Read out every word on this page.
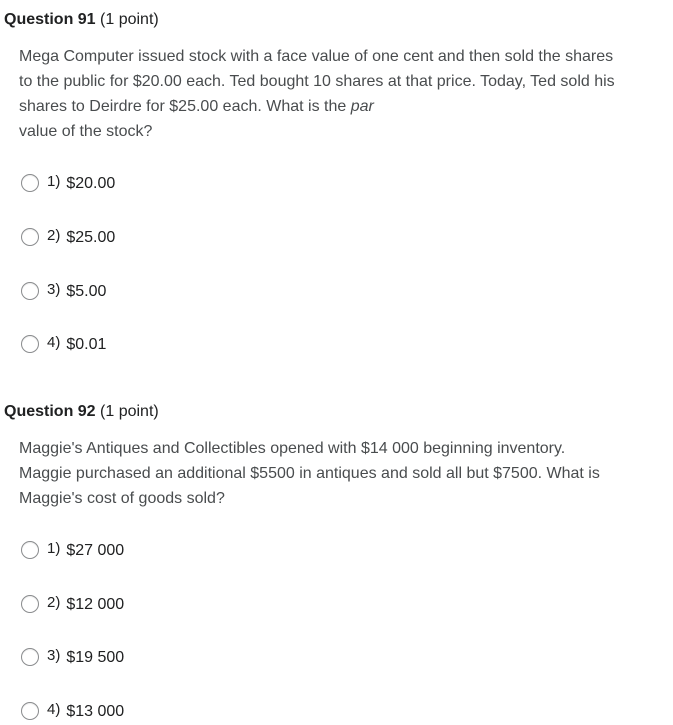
Question 91 (1 point)
Mega Computer issued stock with a face value of one cent and then sold the shares
to the public for $20.00 each. Ted bought 10 shares at that price. Today, Ted sold his
shares to Deirdre for $25.00 each. What is the par
value of the stock?
1) $20.00
2) $25.00
3) $5.00
4) $0.01
Question 92 (1 point)
Maggie's Antiques and Collectibles opened with $14 000 beginning inventory.
Maggie purchased an additional $5500 in antiques and sold all but $7500. What is
Maggie's cost of goods sold?
1) $27 000
2) $12 000
3) $19 500
4) $13 000
